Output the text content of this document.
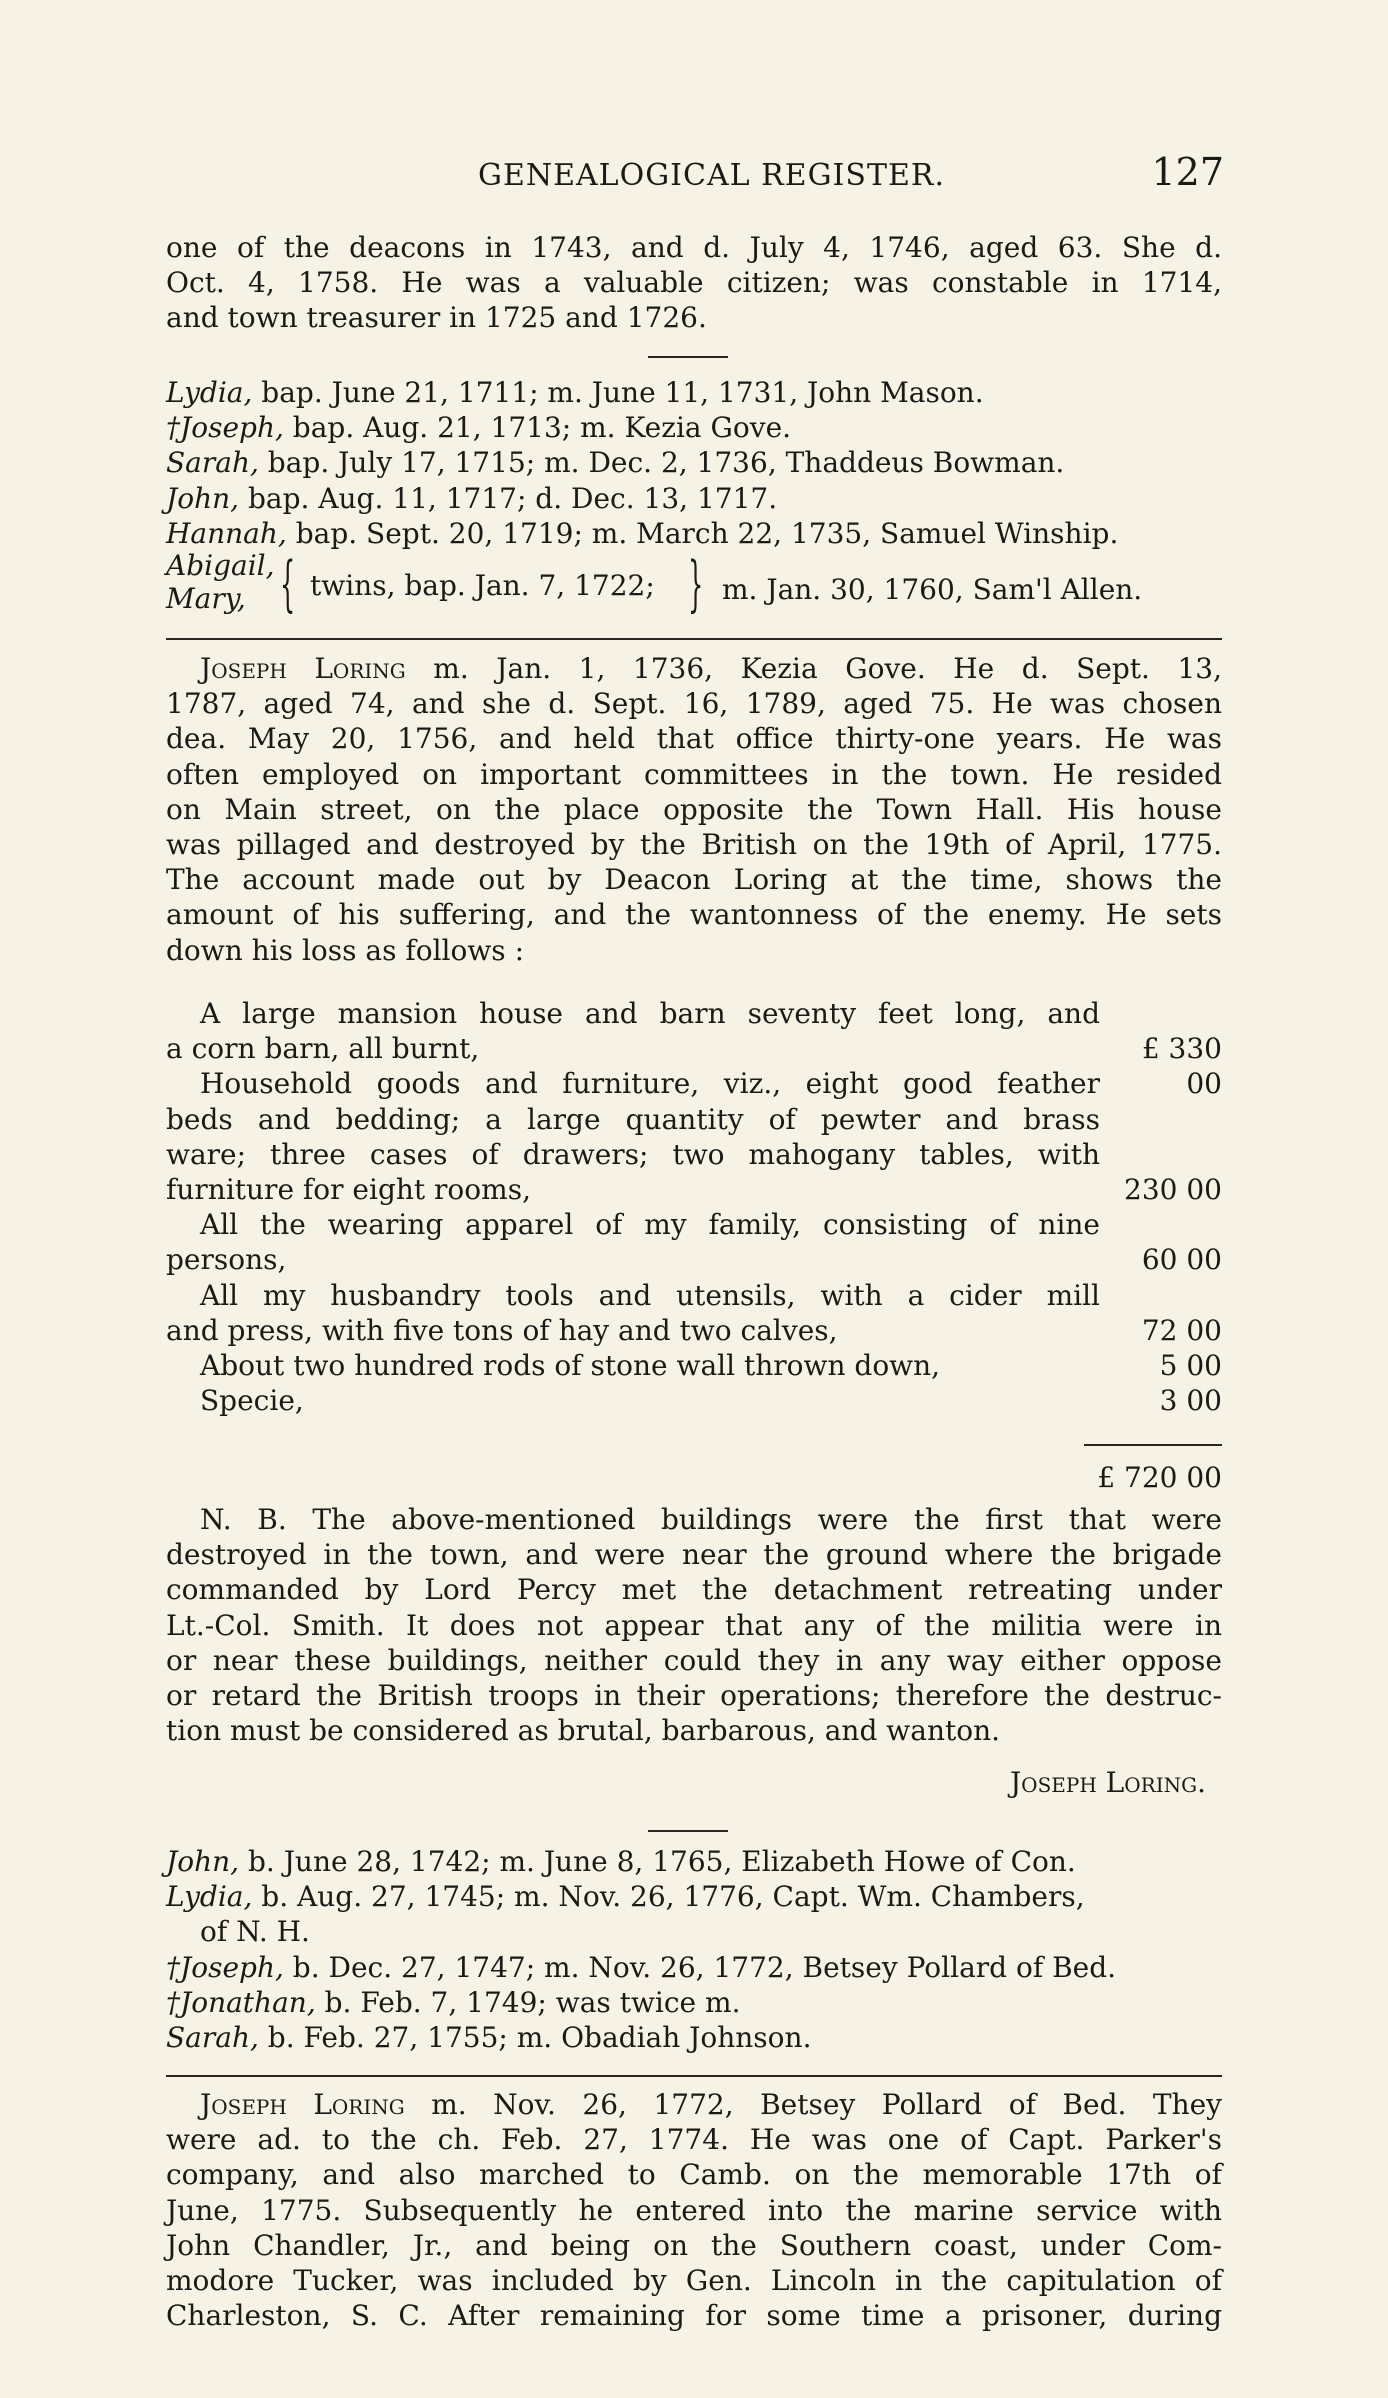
GENEALOGICAL REGISTER.	127
one of the deacons in 1743, and d. July 4, 1746, aged 63. She d.
Oct. 4, 1758. He was a valuable citizen; was constable in 1714,
and town treasurer in 1725 and 1726.
Lydia, bap. June 21, 1711; m. June 11, 1731, John Mason.
†Joseph, bap. Aug. 21, 1713; m. Kezia Gove.
Sarah, bap. July 17, 1715; m. Dec. 2, 1736, Thaddeus Bowman.
John, bap. Aug. 11, 1717; d. Dec. 13, 1717.
Hannah, bap. Sept. 20, 1719; m. March 22, 1735, Samuel Winship.
Abigail,
Mary, { twins, bap. Jan. 7, 1722; } m. Jan. 30, 1760, Sam'l Allen.
Joseph Loring m. Jan. 1, 1736, Kezia Gove. He d. Sept. 13,
1787, aged 74, and she d. Sept. 16, 1789, aged 75. He was chosen
dea. May 20, 1756, and held that office thirty-one years. He was
often employed on important committees in the town. He resided
on Main street, on the place opposite the Town Hall. His house
was pillaged and destroyed by the British on the 19th of April, 1775.
The account made out by Deacon Loring at the time, shows the
amount of his suffering, and the wantonness of the enemy. He sets
down his loss as follows :
A large mansion house and barn seventy feet long, and
a corn barn, all burnt,	£ 330 00
Household goods and furniture, viz., eight good feather
beds and bedding; a large quantity of pewter and brass
ware; three cases of drawers; two mahogany tables, with
furniture for eight rooms,	230 00
All the wearing apparel of my family, consisting of nine
persons,	60 00
All my husbandry tools and utensils, with a cider mill
and press, with five tons of hay and two calves,	72 00
About two hundred rods of stone wall thrown down,	5 00
Specie,	3 00
£ 720 00
N. B. The above-mentioned buildings were the first that were
destroyed in the town, and were near the ground where the brigade
commanded by Lord Percy met the detachment retreating under
Lt.-Col. Smith. It does not appear that any of the militia were in
or near these buildings, neither could they in any way either oppose
or retard the British troops in their operations; therefore the destruc-
tion must be considered as brutal, barbarous, and wanton.
Joseph Loring.
John, b. June 28, 1742; m. June 8, 1765, Elizabeth Howe of Con.
Lydia, b. Aug. 27, 1745; m. Nov. 26, 1776, Capt. Wm. Chambers,
of N. H.
†Joseph, b. Dec. 27, 1747; m. Nov. 26, 1772, Betsey Pollard of Bed.
†Jonathan, b. Feb. 7, 1749; was twice m.
Sarah, b. Feb. 27, 1755; m. Obadiah Johnson.
Joseph Loring m. Nov. 26, 1772, Betsey Pollard of Bed. They
were ad. to the ch. Feb. 27, 1774. He was one of Capt. Parker's
company, and also marched to Camb. on the memorable 17th of
June, 1775. Subsequently he entered into the marine service with
John Chandler, Jr., and being on the Southern coast, under Com-
modore Tucker, was included by Gen. Lincoln in the capitulation of
Charleston, S. C. After remaining for some time a prisoner, during
